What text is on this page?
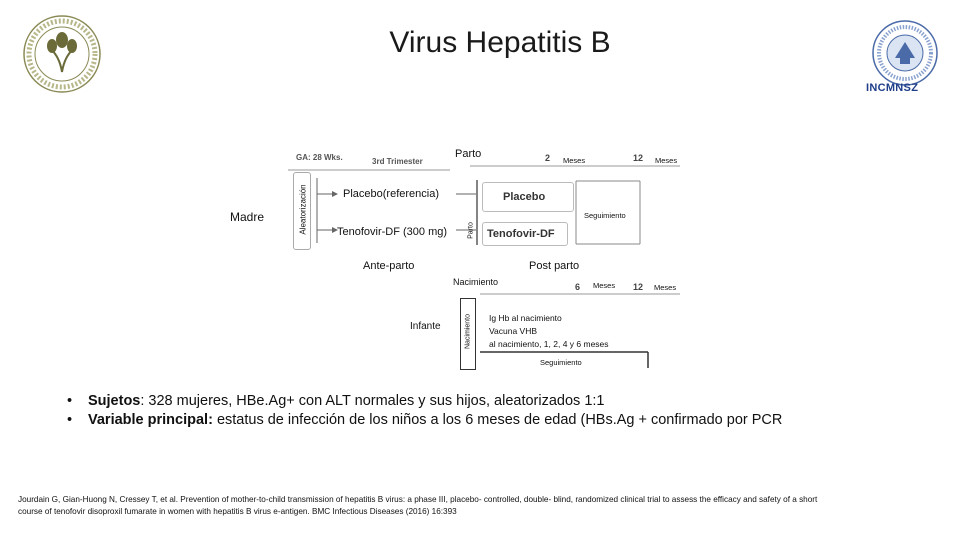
Virus Hepatitis B
INCMNSZ
Aleatorización
GA: 28 Wks.	3rd Trimester
Parto	2 Meses	12 Meses
Madre
Placebo(referencia)
Tenofovir-DF (300 mg)	Parto
Placebo
Tenofovir-DF
Seguimiento
Ante-parto	Post parto
Nacimiento	6 Meses 12 Meses
Infante	Nacimiento Ig Hb al nacimiento
Vacuna VHB
al nacimiento, 1, 2, 4 y 6 meses
Seguimiento
• Sujetos: 328 mujeres, HBe.Ag+ con ALT normales y sus hijos, aleatorizados 1:1
• Variable principal: estatus de infección de los niños a los 6 meses de edad (HBs.Ag + confirmado por PCR
Jourdain G, Gian-Huong N, Cressey T, et al. Prevention of mother-to-child transmission of hepatitis B virus: a phase III, placebo- controlled, double- blind, randomized clinical trial to assess the efficacy and safety of a short course of tenofovir disoproxil fumarate in women with hepatitis B virus e-antigen. BMC Infectious Diseases (2016) 16:393
